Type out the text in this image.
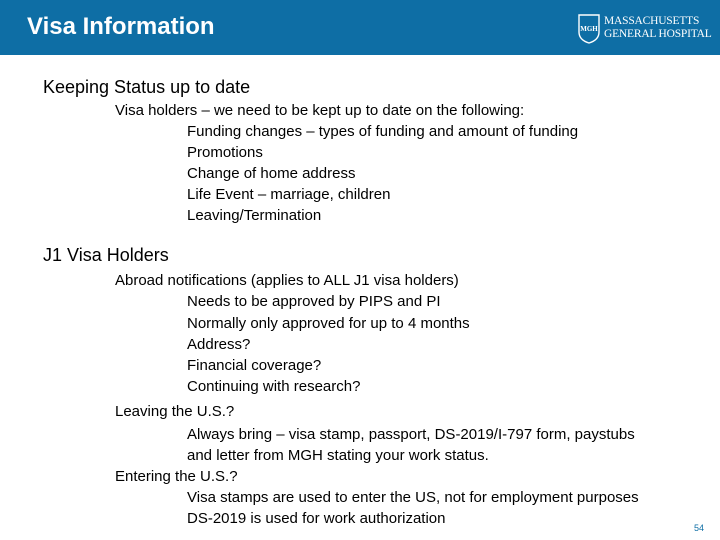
Visa Information	MGH
MASSACHUSETTS
GENERAL HOSPITAL
Keeping Status up to date
Visa holders – we need to be kept up to date on the following:
Funding changes – types of funding and amount of funding
Promotions
Change of home address
Life Event – marriage, children
Leaving/Termination
J1 Visa Holders
Abroad notifications (applies to ALL J1 visa holders)
Needs to be approved by PIPS and PI
Normally only approved for up to 4 months
Address?
Financial coverage?
Continuing with research?
Leaving the U.S.?
Always bring – visa stamp, passport, DS-2019/I-797 form, paystubs
and letter from MGH stating your work status.
Entering the U.S.?
Visa stamps are used to enter the US, not for employment purposes
DS-2019 is used for work authorization
54
